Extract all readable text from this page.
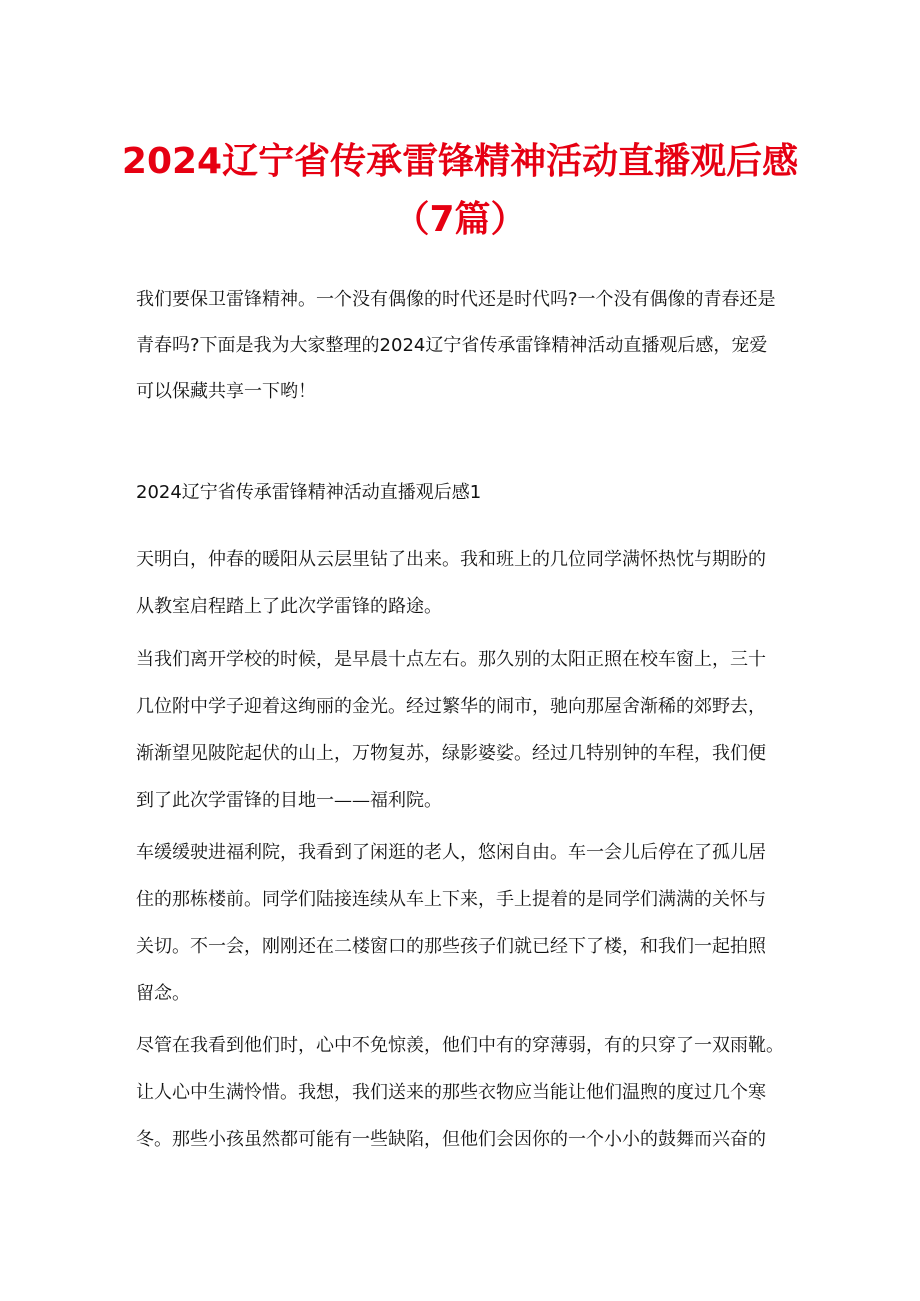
2024辽宁省传承雷锋精神活动直播观后感
（7篇）
我们要保卫雷锋精神。一个没有偶像的时代还是时代吗?一个没有偶像的青春还是
青春吗?下面是我为大家整理的2024辽宁省传承雷锋精神活动直播观后感，宠爱
可以保藏共享一下哟！
2024辽宁省传承雷锋精神活动直播观后感1
天明白，仲春的暖阳从云层里钻了出来。我和班上的几位同学满怀热忱与期盼的
从教室启程踏上了此次学雷锋的路途。
当我们离开学校的时候，是早晨十点左右。那久别的太阳正照在校车窗上，三十
几位附中学子迎着这绚丽的金光。经过繁华的闹市，驰向那屋舍渐稀的郊野去，
渐渐望见陂陀起伏的山上，万物复苏，绿影婆娑。经过几特别钟的车程，我们便
到了此次学雷锋的目地一——福利院。
车缓缓驶进福利院，我看到了闲逛的老人，悠闲自由。车一会儿后停在了孤儿居
住的那栋楼前。同学们陆接连续从车上下来，手上提着的是同学们满满的关怀与
关切。不一会，刚刚还在二楼窗口的那些孩子们就已经下了楼，和我们一起拍照
留念。
尽管在我看到他们时，心中不免惊羡，他们中有的穿薄弱，有的只穿了一双雨靴。
让人心中生满怜惜。我想，我们送来的那些衣物应当能让他们温煦的度过几个寒
冬。那些小孩虽然都可能有一些缺陷，但他们会因你的一个小小的鼓舞而兴奋的
